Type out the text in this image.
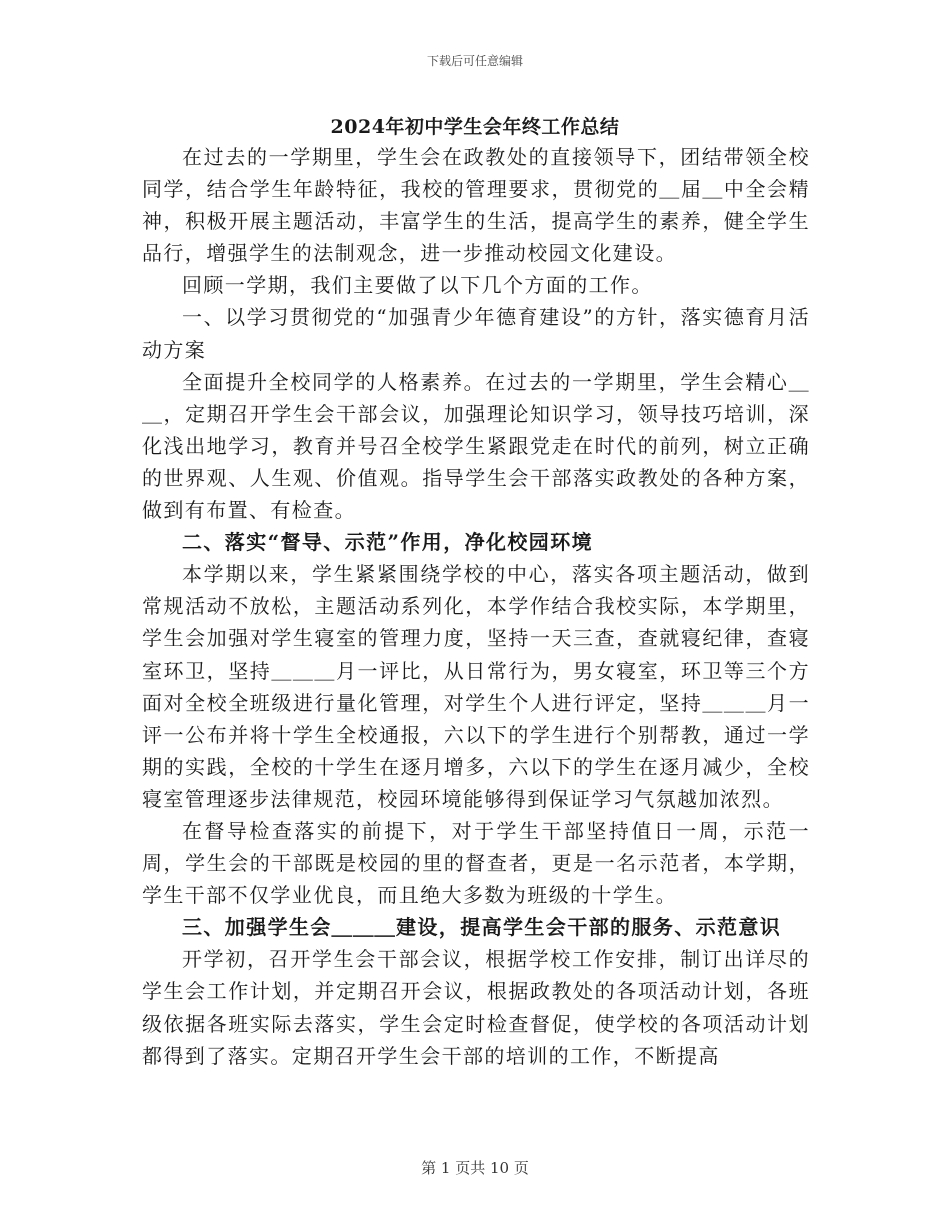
下载后可任意编辑
2024年初中学生会年终工作总结

在过去的一学期里，学生会在政教处的直接领导下，团结带领全校同学，结合学生年龄特征，我校的管理要求，贯彻党的＿届＿中全会精神，积极开展主题活动，丰富学生的生活，提高学生的素养，健全学生品行，增强学生的法制观念，进一步推动校园文化建设。

回顾一学期，我们主要做了以下几个方面的工作。

一、以学习贯彻党的“加强青少年德育建设”的方针，落实德育月活动方案

全面提升全校同学的人格素养。在过去的一学期里，学生会精心＿＿，定期召开学生会干部会议，加强理论知识学习，领导技巧培训，深化浅出地学习，教育并号召全校学生紧跟党走在时代的前列，树立正确的世界观、人生观、价值观。指导学生会干部落实政教处的各种方案，做到有布置、有检查。

二、落实“督导、示范”作用，净化校园环境

本学期以来，学生紧紧围绕学校的中心，落实各项主题活动，做到常规活动不放松，主题活动系列化，本学作结合我校实际，本学期里，学生会加强对学生寝室的管理力度，坚持一天三查，查就寝纪律，查寝室环卫，坚持＿＿＿月一评比，从日常行为，男女寝室，环卫等三个方面对全校全班级进行量化管理，对学生个人进行评定，坚持＿＿＿月一评一公布并将十学生全校通报，六以下的学生进行个别帮教，通过一学期的实践，全校的十学生在逐月增多，六以下的学生在逐月减少，全校寝室管理逐步法律规范，校园环境能够得到保证学习气氛越加浓烈。

在督导检查落实的前提下，对于学生干部坚持值日一周，示范一周，学生会的干部既是校园的里的督查者，更是一名示范者，本学期，学生干部不仅学业优良，而且绝大多数为班级的十学生。

三、加强学生会＿＿＿建设，提高学生会干部的服务、示范意识

开学初，召开学生会干部会议，根据学校工作安排，制订出详尽的学生会工作计划，并定期召开会议，根据政教处的各项活动计划，各班级依据各班实际去落实，学生会定时检查督促，使学校的各项活动计划都得到了落实。定期召开学生会干部的培训的工作，不断提高

第 1 页共 10 页
